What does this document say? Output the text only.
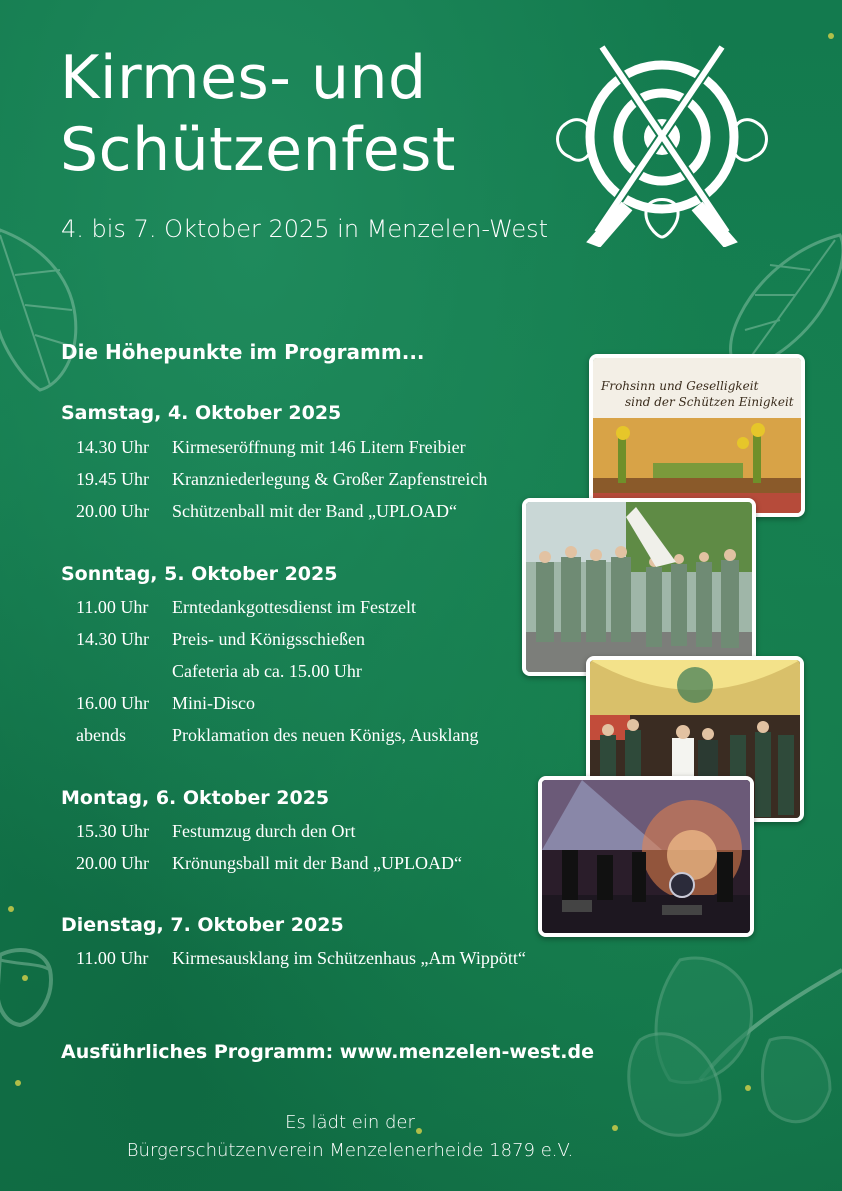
Kirmes- und
Schützenfest
4. bis 7. Oktober 2025 in Menzelen-West
Die Höhepunkte im Programm...
Samstag, 4. Oktober 2025
14.30 Uhr Kirmeseröffnung mit 146 Litern Freibier
19.45 Uhr Kranzniederlegung & Großer Zapfenstreich
20.00 Uhr Schützenball mit der Band „UPLOAD“
Sonntag, 5. Oktober 2025
11.00 Uhr Erntedankgottesdienst im Festzelt
14.30 Uhr Preis- und Königsschießen
Cafeteria ab ca. 15.00 Uhr
16.00 Uhr Mini-Disco
abends	Proklamation des neuen Königs, Ausklang
Montag, 6. Oktober 2025
15.30 Uhr Festumzug durch den Ort
20.00 Uhr Krönungsball mit der Band „UPLOAD“
Dienstag, 7. Oktober 2025
11.00 Uhr Kirmesausklang im Schützenhaus „Am Wippött“
Frohsinn und Geselligkeit
sind der Schützen Einigkeit
Ausführliches Programm: www.menzelen-west.de
Es lädt ein der
Bürgerschützenverein Menzelenerheide 1879 e.V.
